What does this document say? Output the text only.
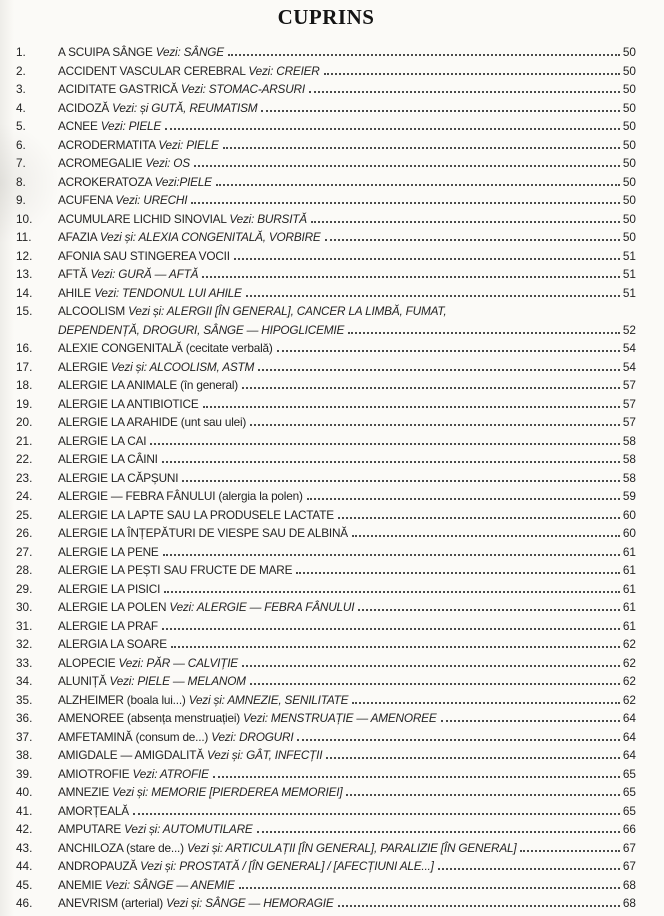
CUPRINS
1.	A SCUIPA SÂNGE Vezi: SÂNGE	50
2.	ACCIDENT VASCULAR CEREBRAL Vezi: CREIER	50
3.	ACIDITATE GASTRICĂ Vezi: STOMAC-ARSURI	50
4.	ACIDOZĂ Vezi: și GUTĂ, REUMATISM	50
5.	ACNEE Vezi: PIELE	50
6.	ACRODERMATITA Vezi: PIELE	50
7.	ACROMEGALIE Vezi: OS	50
8.	ACROKERATOZA Vezi:PIELE	50
9.	ACUFENA Vezi: URECHI	50
10.	ACUMULARE LICHID SINOVIAL Vezi: BURSITĂ	50
11.	AFAZIA Vezi și: ALEXIA CONGENITALĂ, VORBIRE	50
12.	AFONIA SAU STINGEREA VOCII	51
13.	AFTĂ Vezi: GURĂ — AFTĂ	51
14.	AHILE Vezi: TENDONUL LUI AHILE	51
15.	ALCOOLISM Vezi și: ALERGII [ÎN GENERAL], CANCER LA LIMBĂ, FUMAT,
DEPENDENȚĂ, DROGURI, SÂNGE — HIPOGLICEMIE	52
16.	ALEXIE CONGENITALĂ (cecitate verbală)	54
17.	ALERGIE Vezi și: ALCOOLISM, ASTM	54
18.	ALERGIE LA ANIMALE (în general)	57
19.	ALERGIE LA ANTIBIOTICE	57
20.	ALERGIE LA ARAHIDE (unt sau ulei)	57
21.	ALERGIE LA CAI	58
22.	ALERGIE LA CÂINI	58
23.	ALERGIE LA CĂPȘUNI	58
24.	ALERGIE — FEBRA FÂNULUI (alergia la polen)	59
25.	ALERGIE LA LAPTE SAU LA PRODUSELE LACTATE	60
26.	ALERGIE LA ÎNȚEPĂTURI DE VIESPE SAU DE ALBINĂ	60
27.	ALERGIE LA PENE	61
28.	ALERGIE LA PEȘTI SAU FRUCTE DE MARE	61
29.	ALERGIE LA PISICI	61
30.	ALERGIE LA POLEN Vezi: ALERGIE — FEBRA FÂNULUI	61
31.	ALERGIE LA PRAF	61
32.	ALERGIA LA SOARE	62
33.	ALOPECIE Vezi: PĂR — CALVIȚIE	62
34.	ALUNIȚĂ Vezi: PIELE — MELANOM	62
35.	ALZHEIMER (boala lui...) Vezi și: AMNEZIE, SENILITATE	62
36.	AMENOREE (absența menstruației) Vezi: MENSTRUAȚIE — AMENOREE	64
37.	AMFETAMINĂ (consum de...) Vezi: DROGURI	64
38.	AMIGDALE — AMIGDALITĂ Vezi și: GÂT, INFECȚII	64
39.	AMIOTROFIE Vezi: ATROFIE	65
40.	AMNEZIE Vezi și: MEMORIE [PIERDEREA MEMORIEI]	65
41.	AMORȚEALĂ	65
42.	AMPUTARE Vezi și: AUTOMUTILARE	66
43.	ANCHILOZA (stare de...) Vezi și: ARTICULAȚII [ÎN GENERAL], PARALIZIE [ÎN GENERAL]	67
44.	ANDROPAUZĂ Vezi și: PROSTATĂ / [ÎN GENERAL] / [AFECȚIUNI ALE...]	67
45.	ANEMIE Vezi: SÂNGE — ANEMIE	68
46.	ANEVRISM (arterial) Vezi și: SÂNGE — HEMORAGIE	68
